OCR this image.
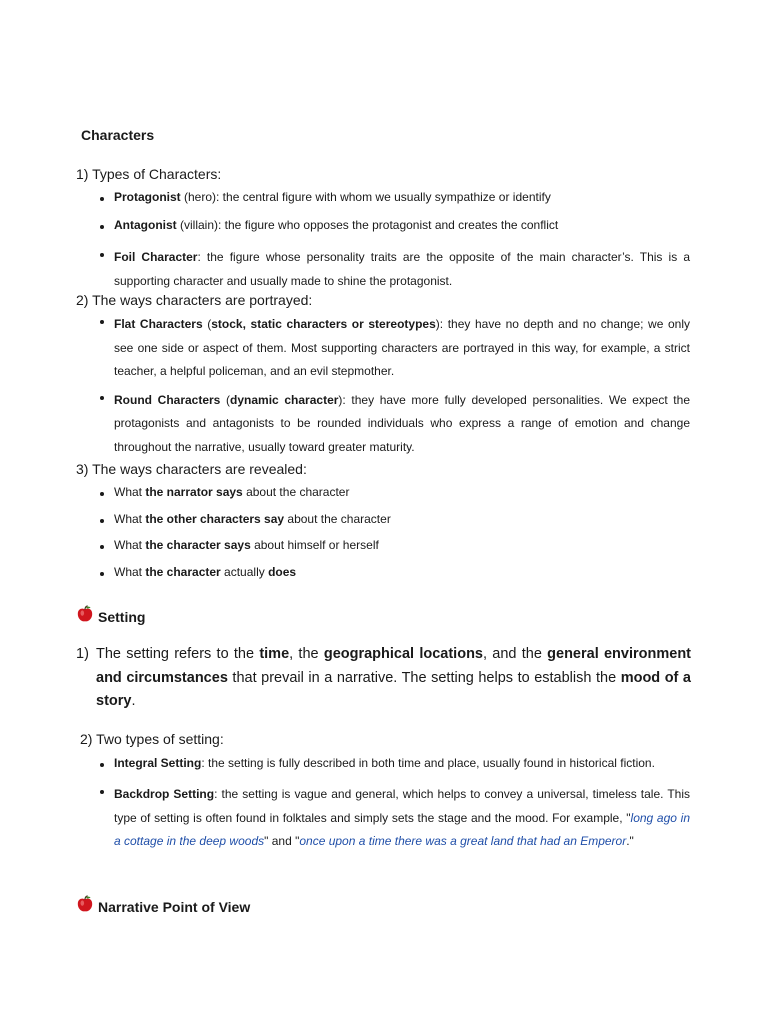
Characters
1) Types of Characters:
Protagonist (hero): the central figure with whom we usually sympathize or identify
Antagonist (villain): the figure who opposes the protagonist and creates the conflict
Foil Character: the figure whose personality traits are the opposite of the main character’s. This is a supporting character and usually made to shine the protagonist.
2) The ways characters are portrayed:
Flat Characters (stock, static characters or stereotypes): they have no depth and no change; we only see one side or aspect of them. Most supporting characters are portrayed in this way, for example, a strict teacher, a helpful policeman, and an evil stepmother.
Round Characters (dynamic character): they have more fully developed personalities. We expect the protagonists and antagonists to be rounded individuals who express a range of emotion and change throughout the narrative, usually toward greater maturity.
3) The ways characters are revealed:
What the narrator says about the character
What the other characters say about the character
What the character says about himself or herself
What the character actually does
Setting
1) The setting refers to the time, the geographical locations, and the general environment and circumstances that prevail in a narrative. The setting helps to establish the mood of a story.
2) Two types of setting:
Integral Setting: the setting is fully described in both time and place, usually found in historical fiction.
Backdrop Setting: the setting is vague and general, which helps to convey a universal, timeless tale. This type of setting is often found in folktales and simply sets the stage and the mood. For example, "long ago in a cottage in the deep woods" and "once upon a time there was a great land that had an Emperor."
Narrative Point of View
